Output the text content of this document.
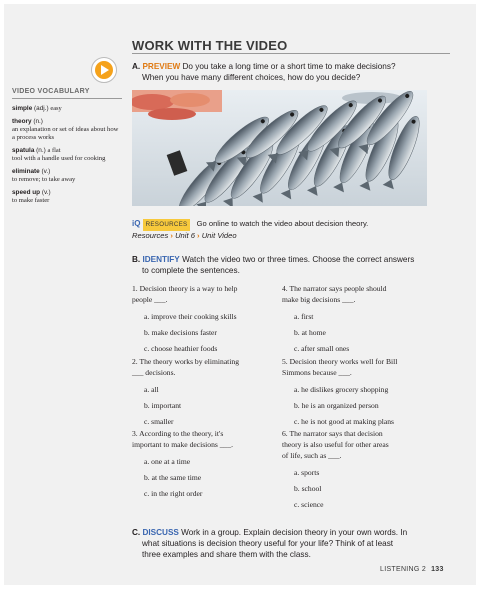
WORK WITH THE VIDEO
A. PREVIEW Do you take a long time or a short time to make decisions?
When you have many different choices, how do you decide?
VIDEO VOCABULARY
simple (adj.) easy
theory (n.)
an explanation or set of ideas about how a process works
spatula (n.) a flat
tool with a handle used for cooking
eliminate (v.)
to remove; to take away
speed up (v.)
to make faster
iQ RESOURCES Go online to watch the video about decision theory.
Resources › Unit 6 › Unit Video
B. IDENTIFY Watch the video two or three times. Choose the correct answers
to complete the sentences.
1. Decision theory is a way to help
people ___.
a. improve their cooking skills
b. make decisions faster
c. choose heathier foods
2. The theory works by eliminating
___ decisions.
a. all
b. important
c. smaller
3. According to the theory, it's
important to make decisions ___.
a. one at a time
b. at the same time
c. in the right order
4. The narrator says people should
make big decisions ___.
a. first
b. at home
c. after small ones
5. Decision theory works well for Bill
Simmons because ___.
a. he dislikes grocery shopping
b. he is an organized person
c. he is not good at making plans
6. The narrator says that decision
theory is also useful for other areas
of life, such as ___.
a. sports
b. school
c. science
C. DISCUSS Work in a group. Explain decision theory in your own words. In
what situations is decision theory useful for your life? Think of at least
three examples and share them with the class.
LISTENING 2 133
